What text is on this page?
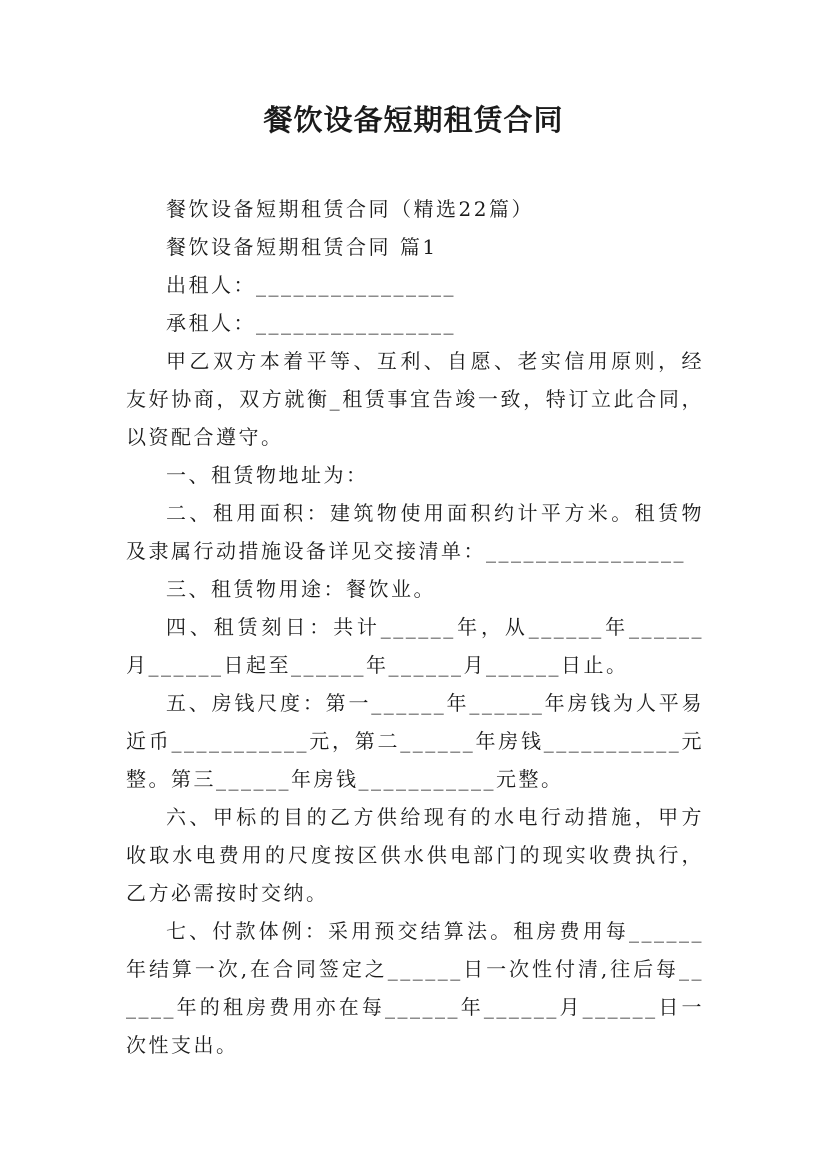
餐饮设备短期租赁合同

餐饮设备短期租赁合同（精选22篇）

餐饮设备短期租赁合同 篇1

出租人：________________

承租人：________________

甲乙双方本着平等、互利、自愿、老实信用原则，经友好协商，双方就衡_租赁事宜告竣一致，特订立此合同，以资配合遵守。

一、租赁物地址为：

二、租用面积：建筑物使用面积约计平方米。租赁物及隶属行动措施设备详见交接清单：________________

三、租赁物用途：餐饮业。

四、租赁刻日：共计______年，从______年______月______日起至______年______月______日止。

五、房钱尺度：第一______年______年房钱为人平易近币___________元，第二______年房钱___________元整。第三______年房钱___________元整。

六、甲标的目的乙方供给现有的水电行动措施，甲方收取水电费用的尺度按区供水供电部门的现实收费执行，乙方必需按时交纳。

七、付款体例：采用预交结算法。租房费用每______年结算一次,在合同签定之______日一次性付清,往后每______年的租房费用亦在每______年______月______日一次性支出。
